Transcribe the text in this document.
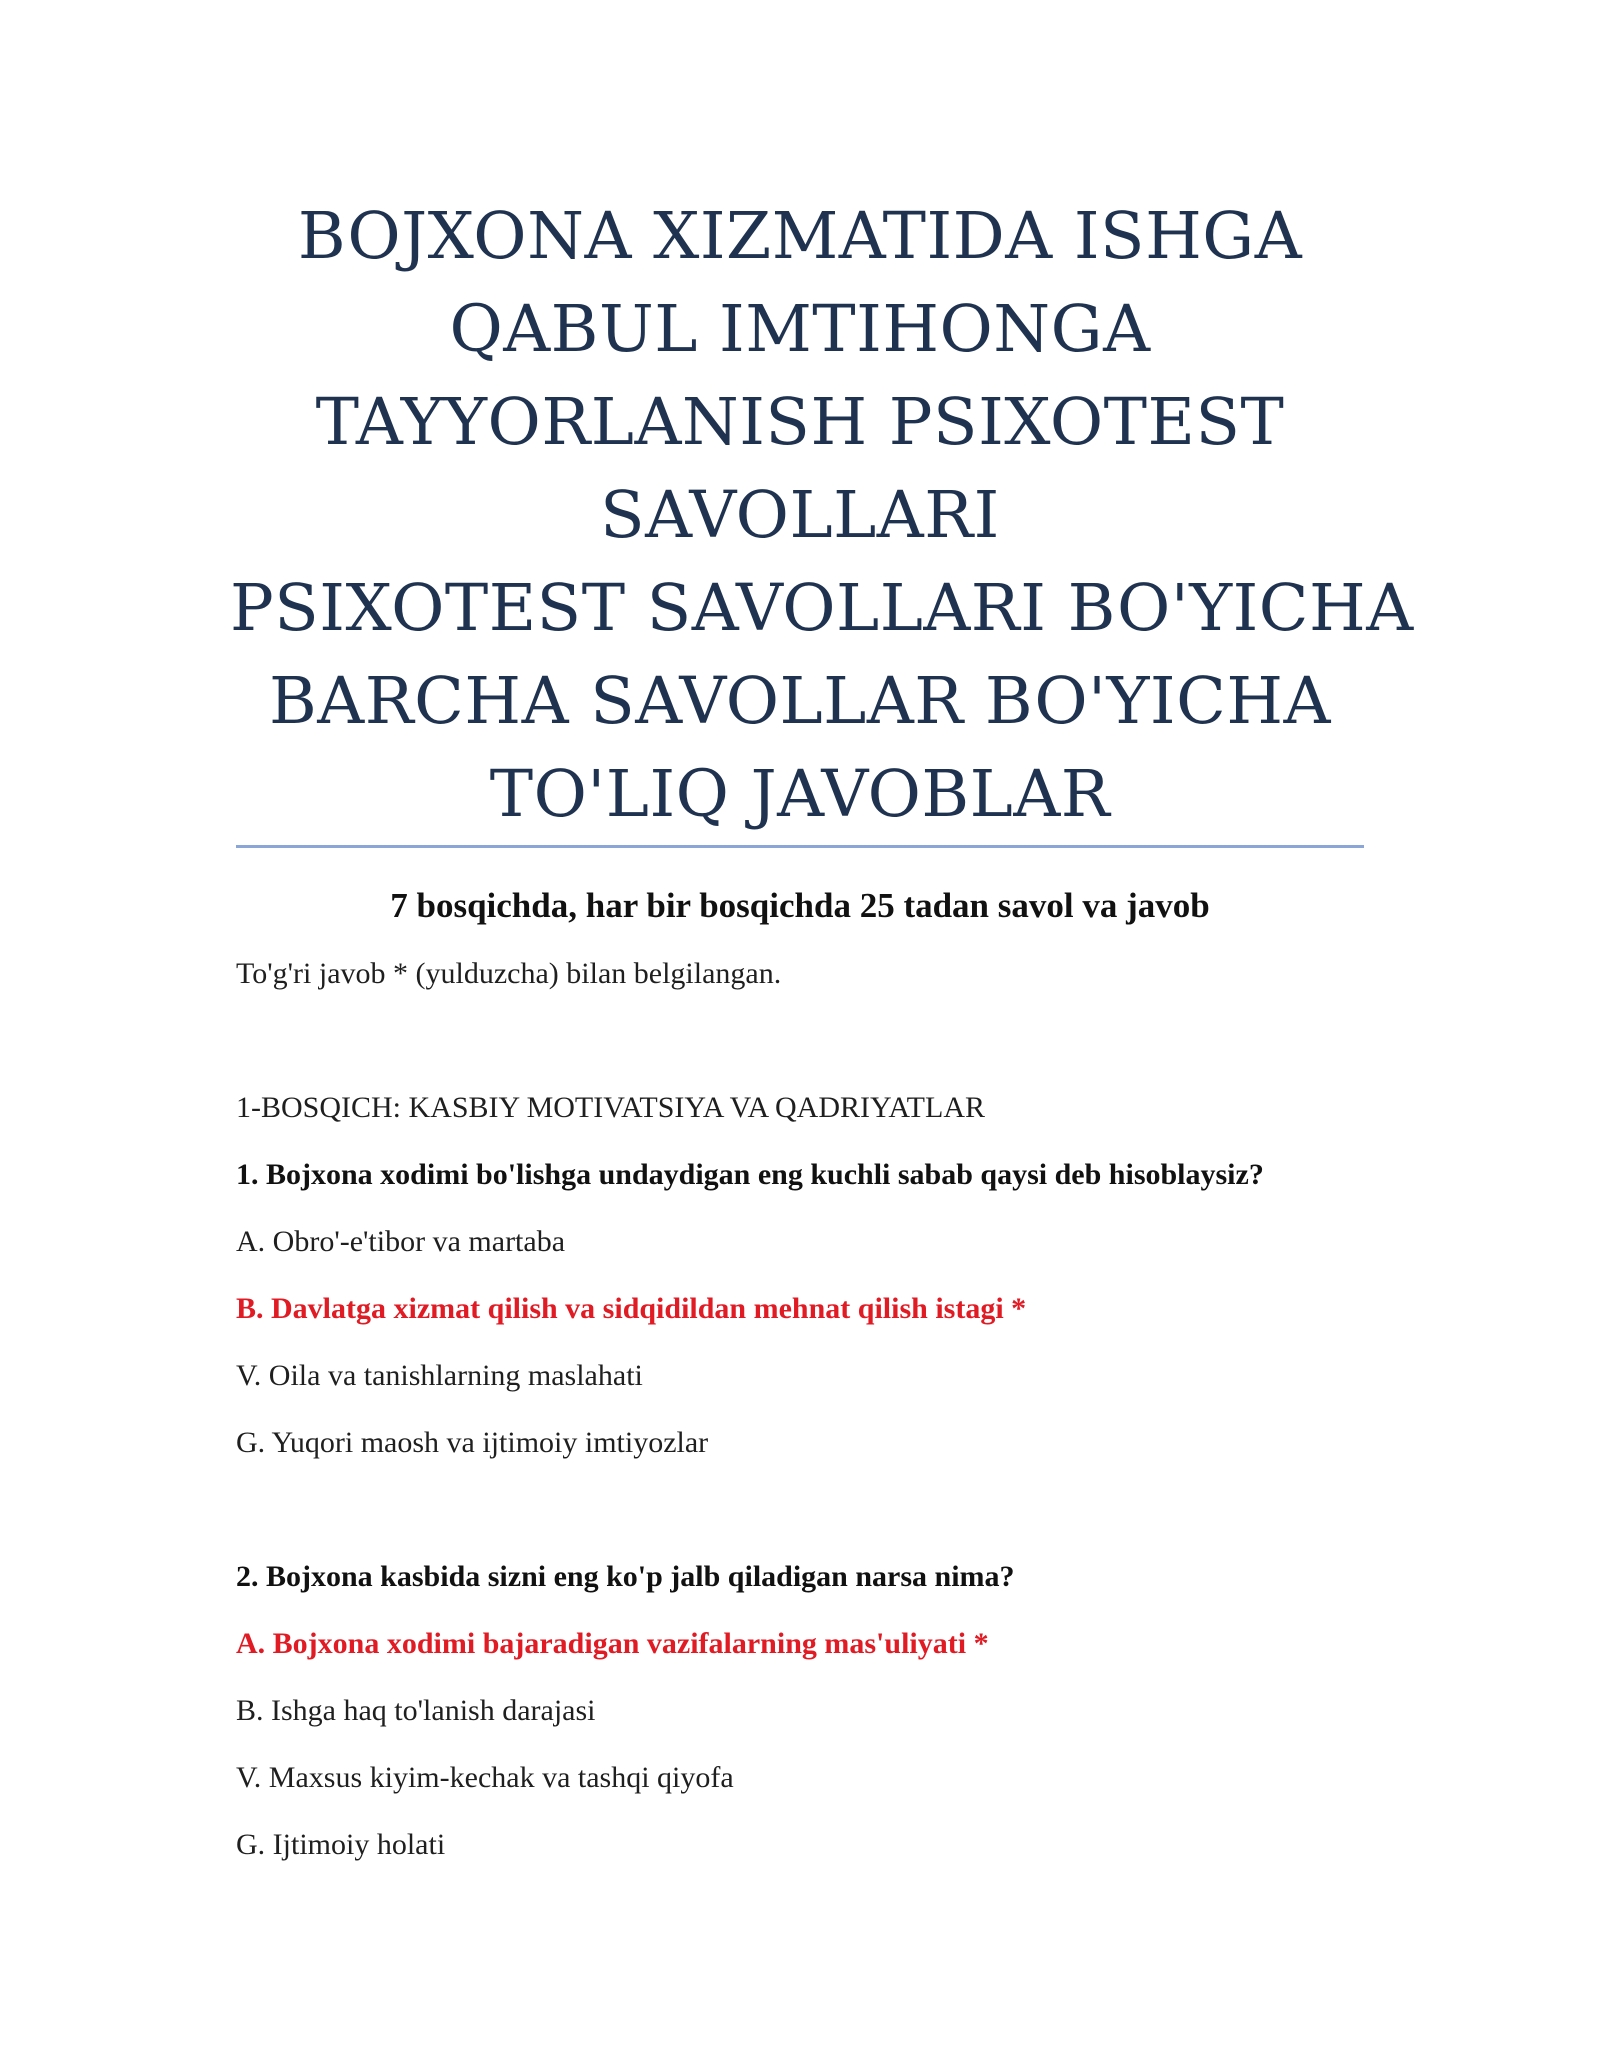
BOJXONA XIZMATIDA ISHGA
QABUL IMTIHONGA
TAYYORLANISH PSIXOTEST
SAVOLLARI
PSIXOTEST SAVOLLARI BO'YICHA
BARCHA SAVOLLAR BO'YICHA
TO'LIQ JAVOBLAR
7 bosqichda, har bir bosqichda 25 tadan savol va javob
To'g'ri javob * (yulduzcha) bilan belgilangan.
1-BOSQICH: KASBIY MOTIVATSIYA VA QADRIYATLAR
1. Bojxona xodimi bo'lishga undaydigan eng kuchli sabab qaysi deb hisoblaysiz?
A. Obro'-e'tibor va martaba
B. Davlatga xizmat qilish va sidqidildan mehnat qilish istagi *
V. Oila va tanishlarning maslahati
G. Yuqori maosh va ijtimoiy imtiyozlar
2. Bojxona kasbida sizni eng ko'p jalb qiladigan narsa nima?
A. Bojxona xodimi bajaradigan vazifalarning mas'uliyati *
B. Ishga haq to'lanish darajasi
V. Maxsus kiyim-kechak va tashqi qiyofa
G. Ijtimoiy holati
